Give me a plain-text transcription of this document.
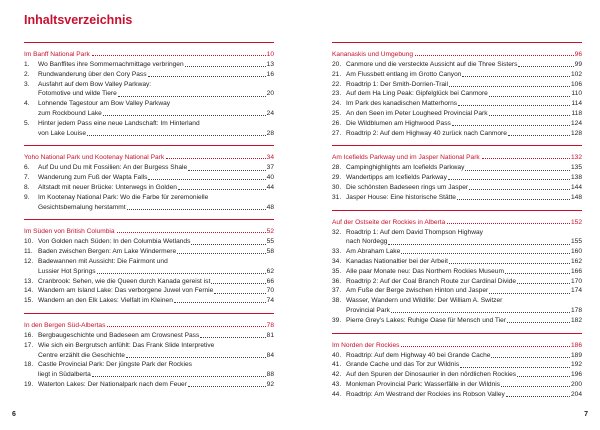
Inhaltsverzeichnis
Im Banff National Park	10
1.	Wo Banffites ihre Sommernachmittage verbringen	13
2.	Rundwanderung über den Cory Pass	16
3.	Ausfahrt auf dem Bow Valley Parkway:
Fotomotive und wilde Tiere	20
4.	Lohnende Tagestour am Bow Valley Parkway
zum Rockbound Lake	24
5.	Hinter jedem Pass eine neue Landschaft: Im Hinterland
von Lake Louise	28
Yoho National Park und Kootenay National Park	34
6.	Auf Du und Du mit Fossilien: An der Burgess Shale	37
7.	Wanderung zum Fuß der Wapta Falls	40
8.	Altstadt mit neuer Brücke: Unterwegs in Golden	44
9.	Im Kootenay National Park: Wo die Farbe für zeremonielle
Gesichtsbemalung herstammt	48
Im Süden von British Columbia	52
10. Von Golden nach Süden: In den Columbia Wetlands	55
11. Baden zwischen Bergen: Am Lake Windermere	58
12. Badewannen mit Aussicht: Die Fairmont und
Lussier Hot Springs	62
13. Cranbrook: Sehen, wie die Queen durch Kanada gereist ist	66
14. Wandern am Island Lake: Das verborgene Juwel von Fernie	70
15. Wandern an den Elk Lakes: Vielfalt im Kleinen	74
In den Bergen Süd-Albertas	78
16. Bergbaugeschichte und Badeseen am Crowsnest Pass	81
17. Wie sich ein Bergrutsch anfühlt: Das Frank Slide Interpretive
Centre erzählt die Geschichte	84
18. Castle Provincial Park: Der jüngste Park der Rockies
liegt in Südalberta	88
19. Waterton Lakes: Der Nationalpark nach dem Feuer	92
Kananaskis und Umgebung	96
20. Canmore und die versteckte Aussicht auf die Three Sisters	99
21. Am Flussbett entlang im Grotto Canyon	102
22. Roadtrip 1: Der Smith-Dorrien-Trail	106
23. Auf dem Ha Ling Peak: Gipfelglück bei Canmore	110
24. Im Park des kanadischen Matterhorns	114
25. An den Seen im Peter Lougheed Provincial Park	118
26. Die Wildblumen am Highwood Pass	124
27. Roadtrip 2: Auf dem Highway 40 zurück nach Canmore	128
Am Icefields Parkway und im Jasper National Park	132
28. Campinghighlights am Icefields Parkway	135
29. Wandertipps am Icefields Parkway	138
30. Die schönsten Badeseen rings um Jasper	144
31. Jasper House: Eine historische Stätte	148
Auf der Ostseite der Rockies in Alberta	152
32. Roadtrip 1: Auf dem David Thompson Highway
nach Nordegg	155
33. Am Abraham Lake	160
34. Kanadas Nationaltier bei der Arbeit	162
35. Alle paar Monate neu: Das Northern Rockies Museum	166
36. Roadtrip 2: Auf der Coal Branch Route zur Cardinal Divide	170
37. Am Fuße der Berge zwischen Hinton und Jasper	174
38. Wasser, Wandern und Wildlife: Der William A. Switzer
Provincial Park	178
39. Pierre Grey’s Lakes: Ruhige Oase für Mensch und Tier	182
Im Norden der Rockies	186
40. Roadtrip: Auf dem Highway 40 bei Grande Cache	189
41. Grande Cache und das Tor zur Wildnis	192
42. Auf den Spuren der Dinosaurier in den nördlichen Rockies	196
43. Monkman Provincial Park: Wasserfälle in der Wildnis	200
44. Roadtrip: Am Westrand der Rockies ins Robson Valley	204
6	7
